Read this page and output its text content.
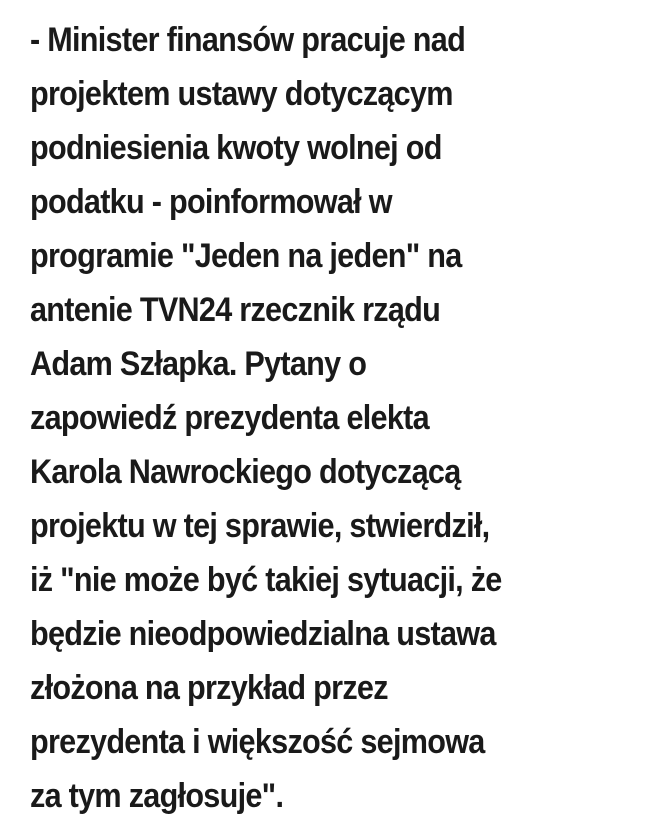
- Minister finansów pracuje nad
projektem ustawy dotyczącym
podniesienia kwoty wolnej od
podatku - poinformował w
programie "Jeden na jeden" na
antenie TVN24 rzecznik rządu
Adam Szłapka. Pytany o
zapowiedź prezydenta elekta
Karola Nawrockiego dotyczącą
projektu w tej sprawie, stwierdził,
iż "nie może być takiej sytuacji, że
będzie nieodpowiedzialna ustawa
złożona na przykład przez
prezydenta i większość sejmowa
za tym zagłosuje".
